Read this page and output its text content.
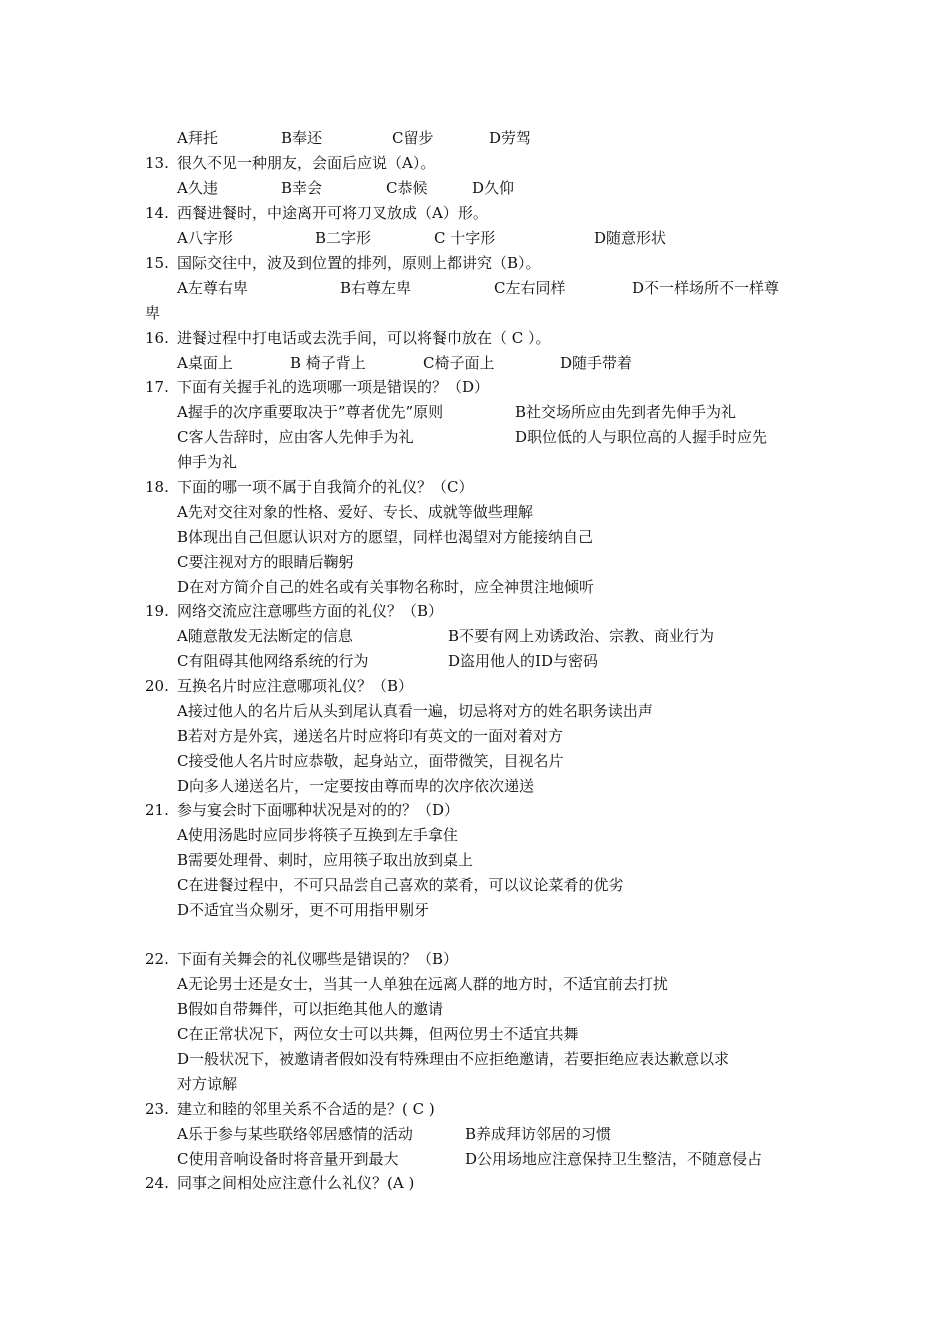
A拜托	B奉还	C留步	D劳驾
13. 很久不见一种朋友，会面后应说（A）。
A久违	B幸会	C恭候	D久仰
14. 西餐进餐时，中途离开可将刀叉放成（A）形。
A八字形	B二字形	C 十字形	D随意形状
15. 国际交往中，波及到位置的排列，原则上都讲究（B）。
A左尊右卑	B右尊左卑	C左右同样	D不一样场所不一样尊
卑
16. 进餐过程中打电话或去洗手间，可以将餐巾放在（ C ）。
A桌面上	B 椅子背上	C椅子面上	D随手带着
17. 下面有关握手礼的选项哪一项是错误的？（D）
A握手的次序重要取决于”尊者优先”原则	B社交场所应由先到者先伸手为礼
C客人告辞时，应由客人先伸手为礼	D职位低的人与职位高的人握手时应先
伸手为礼
18. 下面的哪一项不属于自我简介的礼仪？（C）
A先对交往对象的性格、爱好、专长、成就等做些理解
B体现出自己但愿认识对方的愿望，同样也渴望对方能接纳自己
C要注视对方的眼睛后鞠躬
D在对方简介自己的姓名或有关事物名称时，应全神贯注地倾听
19. 网络交流应注意哪些方面的礼仪？（B）
A随意散发无法断定的信息	B不要有网上劝诱政治、宗教、商业行为
C有阻碍其他网络系统的行为	D盗用他人的ID与密码
20. 互换名片时应注意哪项礼仪？（B）
A接过他人的名片后从头到尾认真看一遍，切忌将对方的姓名职务读出声
B若对方是外宾，递送名片时应将印有英文的一面对着对方
C接受他人名片时应恭敬，起身站立，面带微笑，目视名片
D向多人递送名片，一定要按由尊而卑的次序依次递送
21. 参与宴会时下面哪种状况是对的的？（D）
A使用汤匙时应同步将筷子互换到左手拿住
B需要处理骨、刺时，应用筷子取出放到桌上
C在进餐过程中，不可只品尝自己喜欢的菜肴，可以议论菜肴的优劣
D不适宜当众剔牙，更不可用指甲剔牙
22. 下面有关舞会的礼仪哪些是错误的？（B）
A无论男士还是女士，当其一人单独在远离人群的地方时，不适宜前去打扰
B假如自带舞伴，可以拒绝其他人的邀请
C在正常状况下，两位女士可以共舞，但两位男士不适宜共舞
D一般状况下，被邀请者假如没有特殊理由不应拒绝邀请，若要拒绝应表达歉意以求
对方谅解
23. 建立和睦的邻里关系不合适的是？( C )
A乐于参与某些联络邻居感情的活动	B养成拜访邻居的习惯
C使用音响设备时将音量开到最大	D公用场地应注意保持卫生整洁，不随意侵占
24. 同事之间相处应注意什么礼仪？(A )
